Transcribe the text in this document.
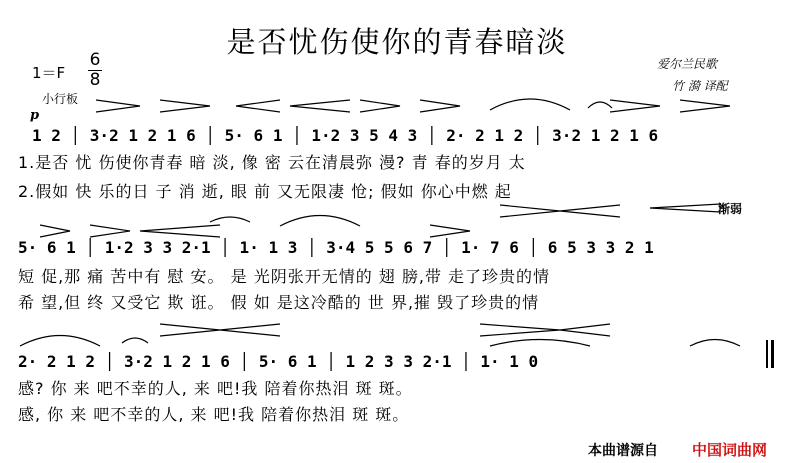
是否忧伤使你的青春暗淡
爱尔兰民歌
竹 漪 译配
1＝F
6
8
小行板
p
渐弱
1 2 │ 3·2 1 2 1 6 │ 5· 6 1 │ 1·2 3 5 4 3 │ 2· 2 1 2 │ 3·2 1 2 1 6
1.是否 忧 伤使你青春 暗 淡, 像 密 云在清晨弥 漫? 青 春的岁月 太
2.假如 快 乐的日 子 消 逝, 眼 前 又无限凄 怆; 假如 你心中燃 起
5· 6 1 │ 1·2 3 3 2·1 │ 1· 1 3 │ 3·4 5 5 6 7 │ 1· 7 6 │ 6 5 3 3 2 1
短 促,那 痛 苦中有 慰 安。 是 光阴张开无情的 翅 膀,带 走了珍贵的情
希 望,但 终 又受它 欺 诳。 假 如 是这冷酷的 世 界,摧 毁了珍贵的情
2· 2 1 2 │ 3·2 1 2 1 6 │ 5· 6 1 │ 1 2 3 3 2·1 │ 1· 1 0
感? 你 来 吧不幸的人, 来 吧!我 陪着你热泪 斑 斑。
感, 你 来 吧不幸的人, 来 吧!我 陪着你热泪 斑 斑。
本曲谱源自 中国词曲网
